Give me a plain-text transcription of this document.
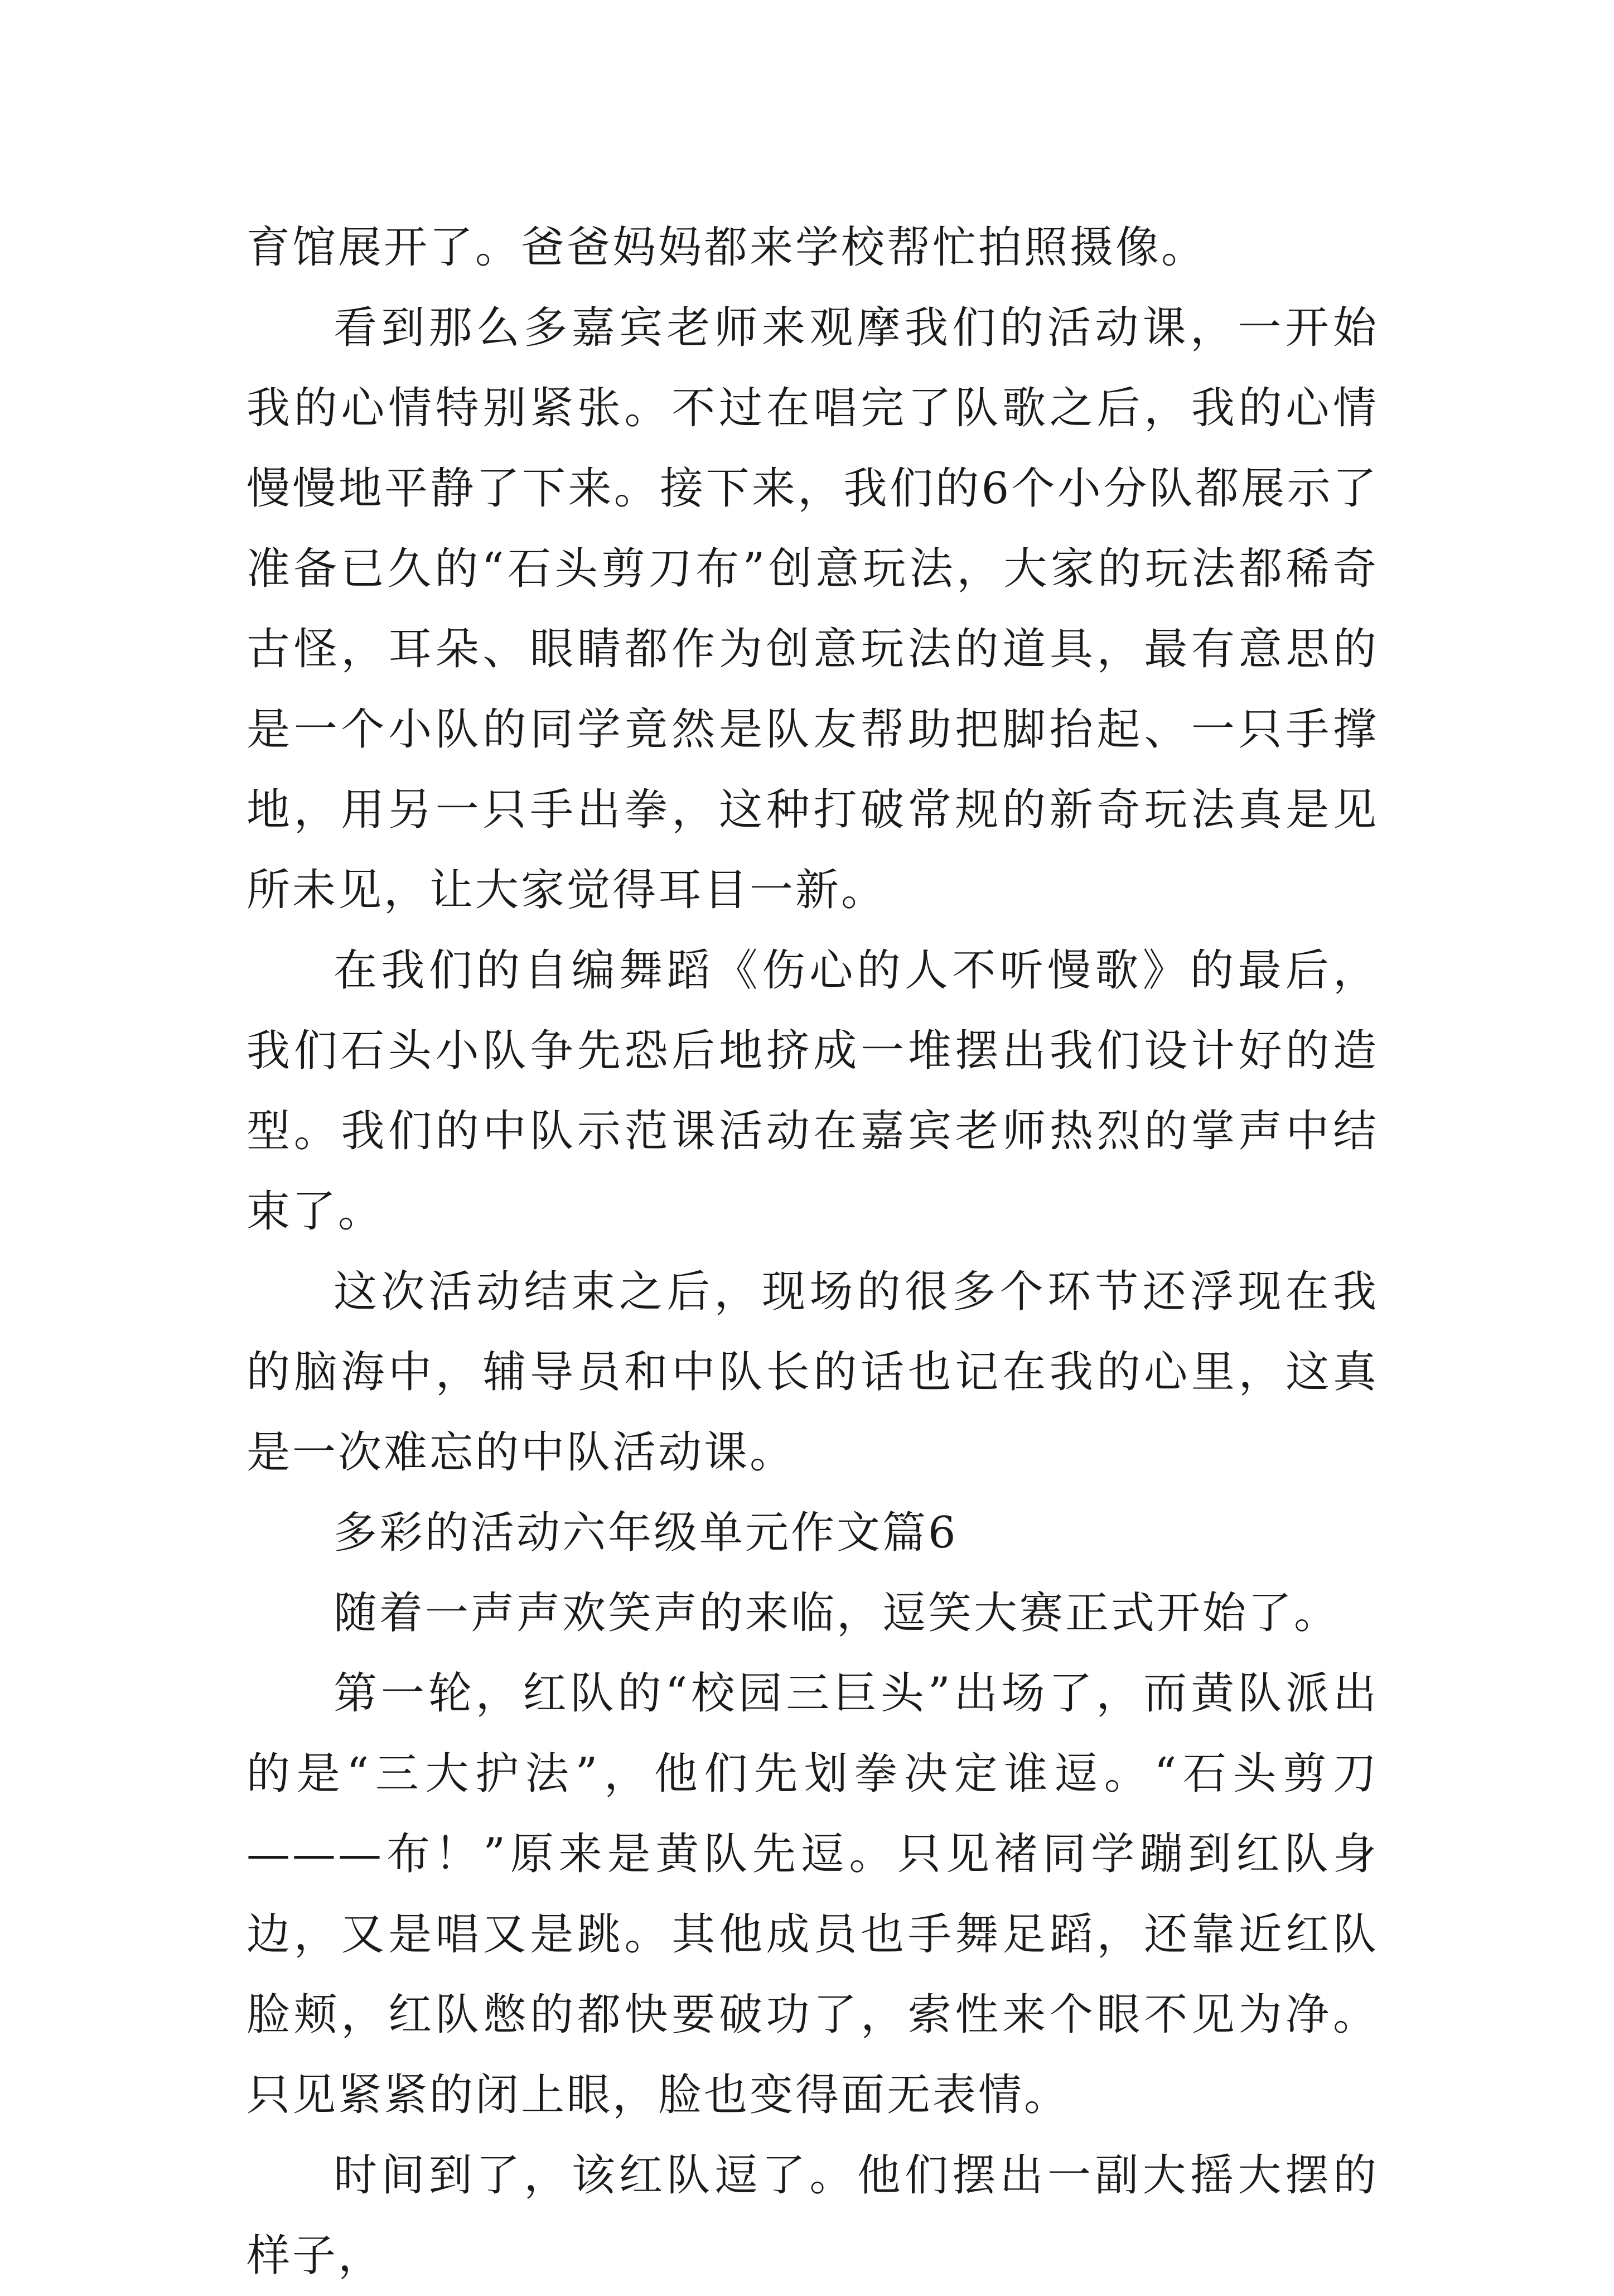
育馆展开了。爸爸妈妈都来学校帮忙拍照摄像。

看到那么多嘉宾老师来观摩我们的活动课，一开始我的心情特别紧张。不过在唱完了队歌之后，我的心情慢慢地平静了下来。接下来，我们的6个小分队都展示了准备已久的“石头剪刀布”创意玩法，大家的玩法都稀奇古怪，耳朵、眼睛都作为创意玩法的道具，最有意思的是一个小队的同学竟然是队友帮助把脚抬起、一只手撑地，用另一只手出拳，这种打破常规的新奇玩法真是见所未见，让大家觉得耳目一新。

在我们的自编舞蹈《伤心的人不听慢歌》的最后，我们石头小队争先恐后地挤成一堆摆出我们设计好的造型。我们的中队示范课活动在嘉宾老师热烈的掌声中结束了。

这次活动结束之后，现场的很多个环节还浮现在我的脑海中，辅导员和中队长的话也记在我的心里，这真是一次难忘的中队活动课。

多彩的活动六年级单元作文篇6

随着一声声欢笑声的来临，逗笑大赛正式开始了。

第一轮，红队的“校园三巨头”出场了，而黄队派出的是“三大护法”，他们先划拳决定谁逗。“石头剪刀———布！”原来是黄队先逗。只见褚同学蹦到红队身边，又是唱又是跳。其他成员也手舞足蹈，还靠近红队脸颊，红队憋的都快要破功了，索性来个眼不见为净。只见紧紧的闭上眼，脸也变得面无表情。

时间到了，该红队逗了。他们摆出一副大摇大摆的样子，
